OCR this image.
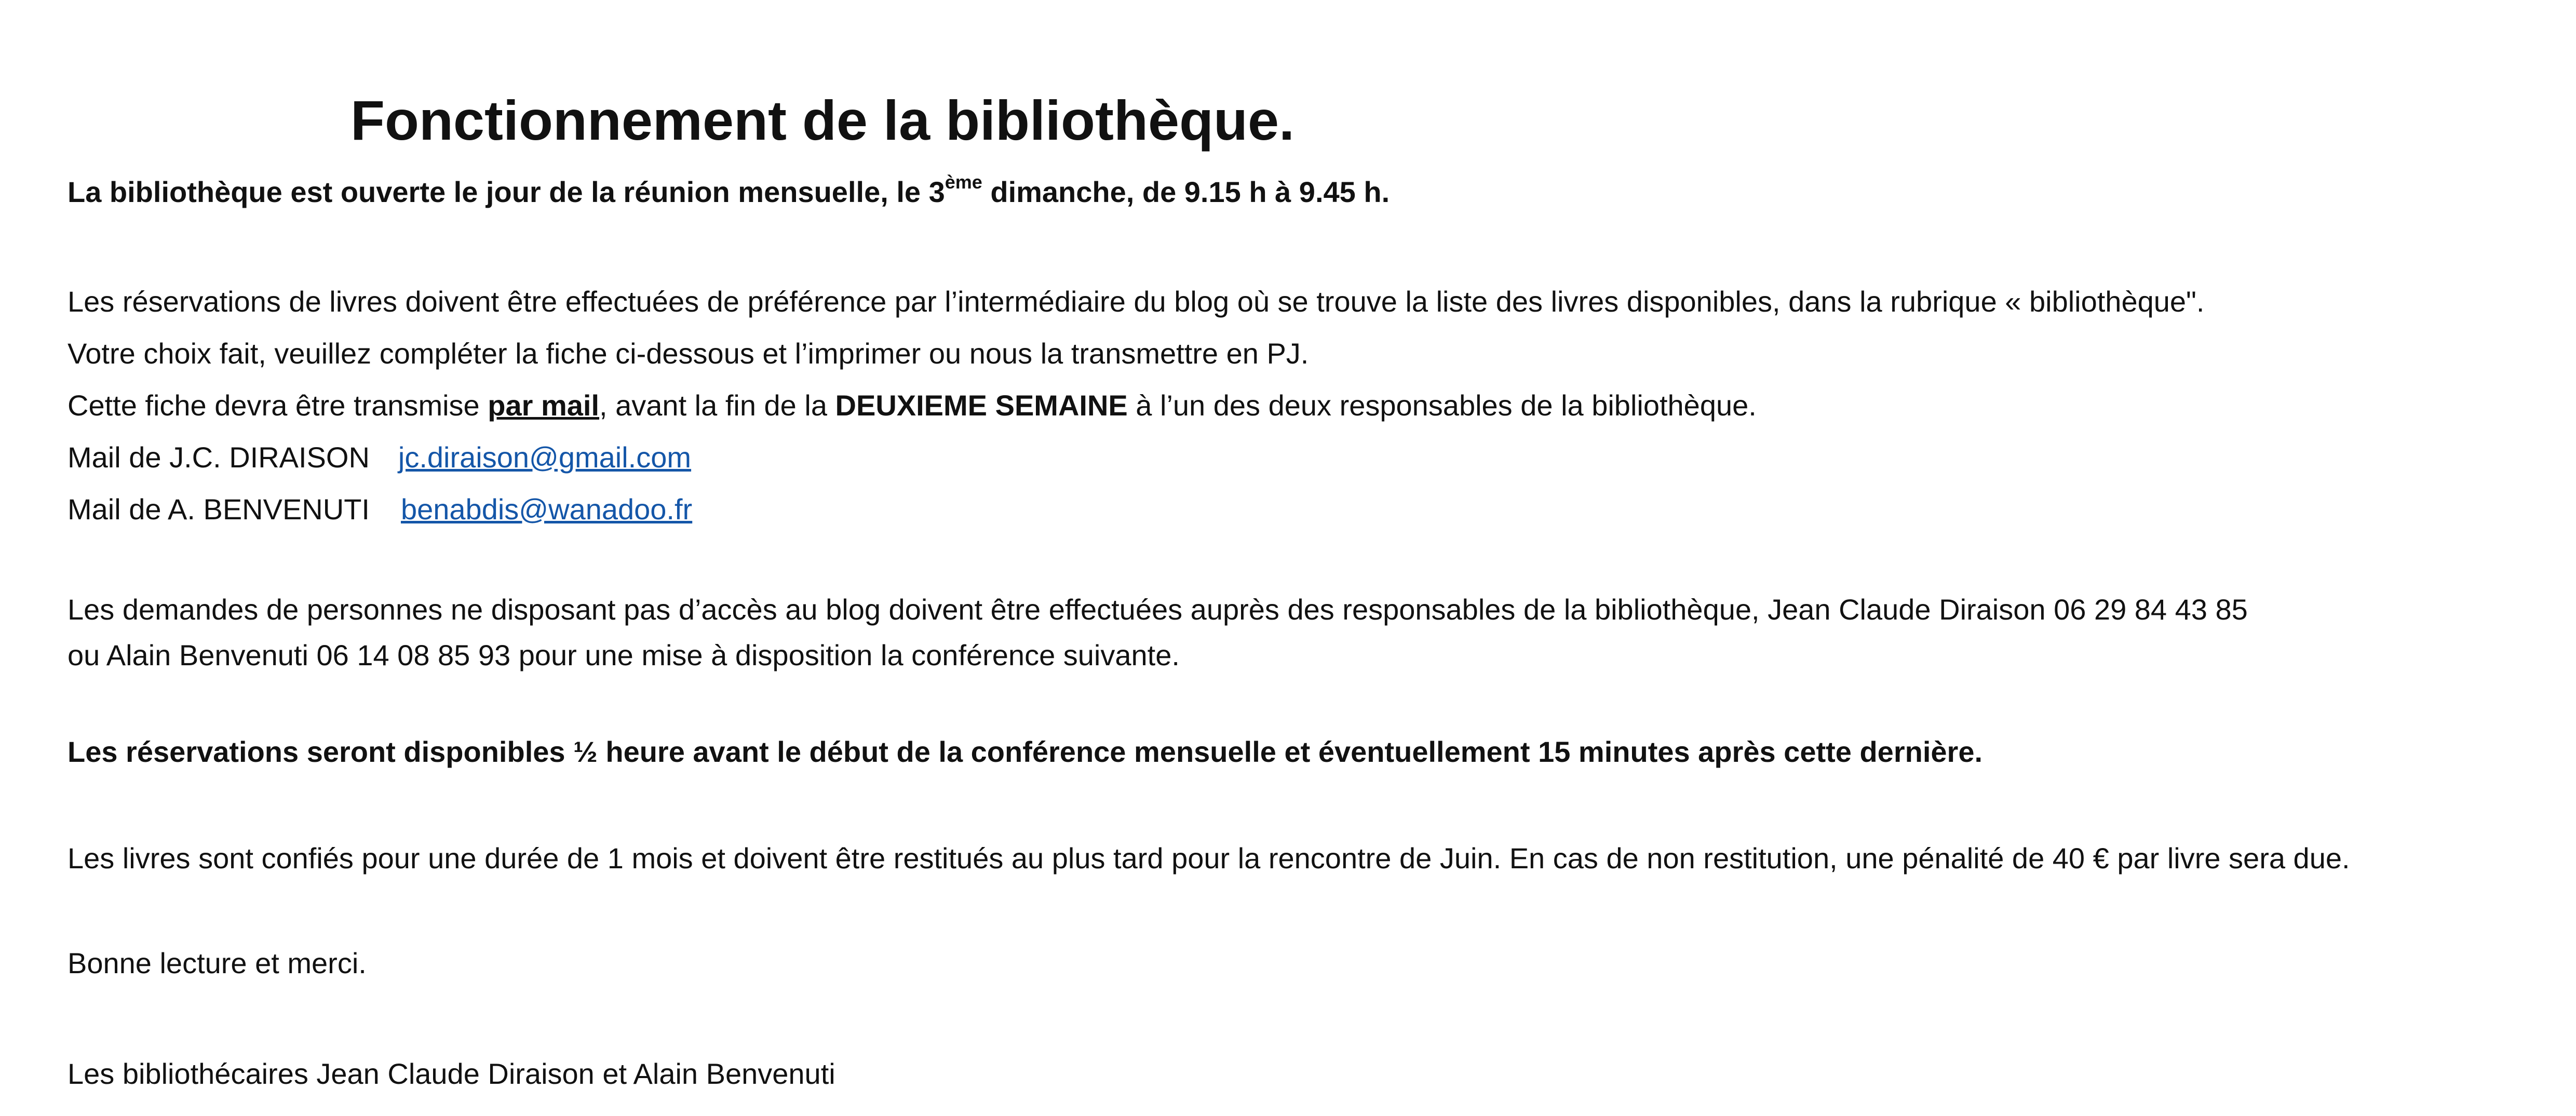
Fonctionnement de la bibliothèque.
La bibliothèque est ouverte le jour de la réunion mensuelle, le 3ème dimanche, de 9.15 h à 9.45 h.
Les réservations de livres doivent être effectuées de préférence par l’intermédiaire du blog où se trouve la liste des livres disponibles, dans la rubrique « bibliothèque".
Votre choix fait, veuillez compléter la fiche ci-dessous et l’imprimer ou nous la transmettre en PJ.
Cette fiche devra être transmise par mail, avant la fin de la DEUXIEME SEMAINE à l’un des deux responsables de la bibliothèque.
Mail de J.C. DIRAISON jc.diraison@gmail.com
Mail de A. BENVENUTI benabdis@wanadoo.fr
Les demandes de personnes ne disposant pas d’accès au blog doivent être effectuées auprès des responsables de la bibliothèque, Jean Claude Diraison 06 29 84 43 85
ou Alain Benvenuti 06 14 08 85 93 pour une mise à disposition la conférence suivante.
Les réservations seront disponibles ½ heure avant le début de la conférence mensuelle et éventuellement 15 minutes après cette dernière.
Les livres sont confiés pour une durée de 1 mois et doivent être restitués au plus tard pour la rencontre de Juin. En cas de non restitution, une pénalité de 40 € par livre sera due.
Bonne lecture et merci.
Les bibliothécaires Jean Claude Diraison et Alain Benvenuti
